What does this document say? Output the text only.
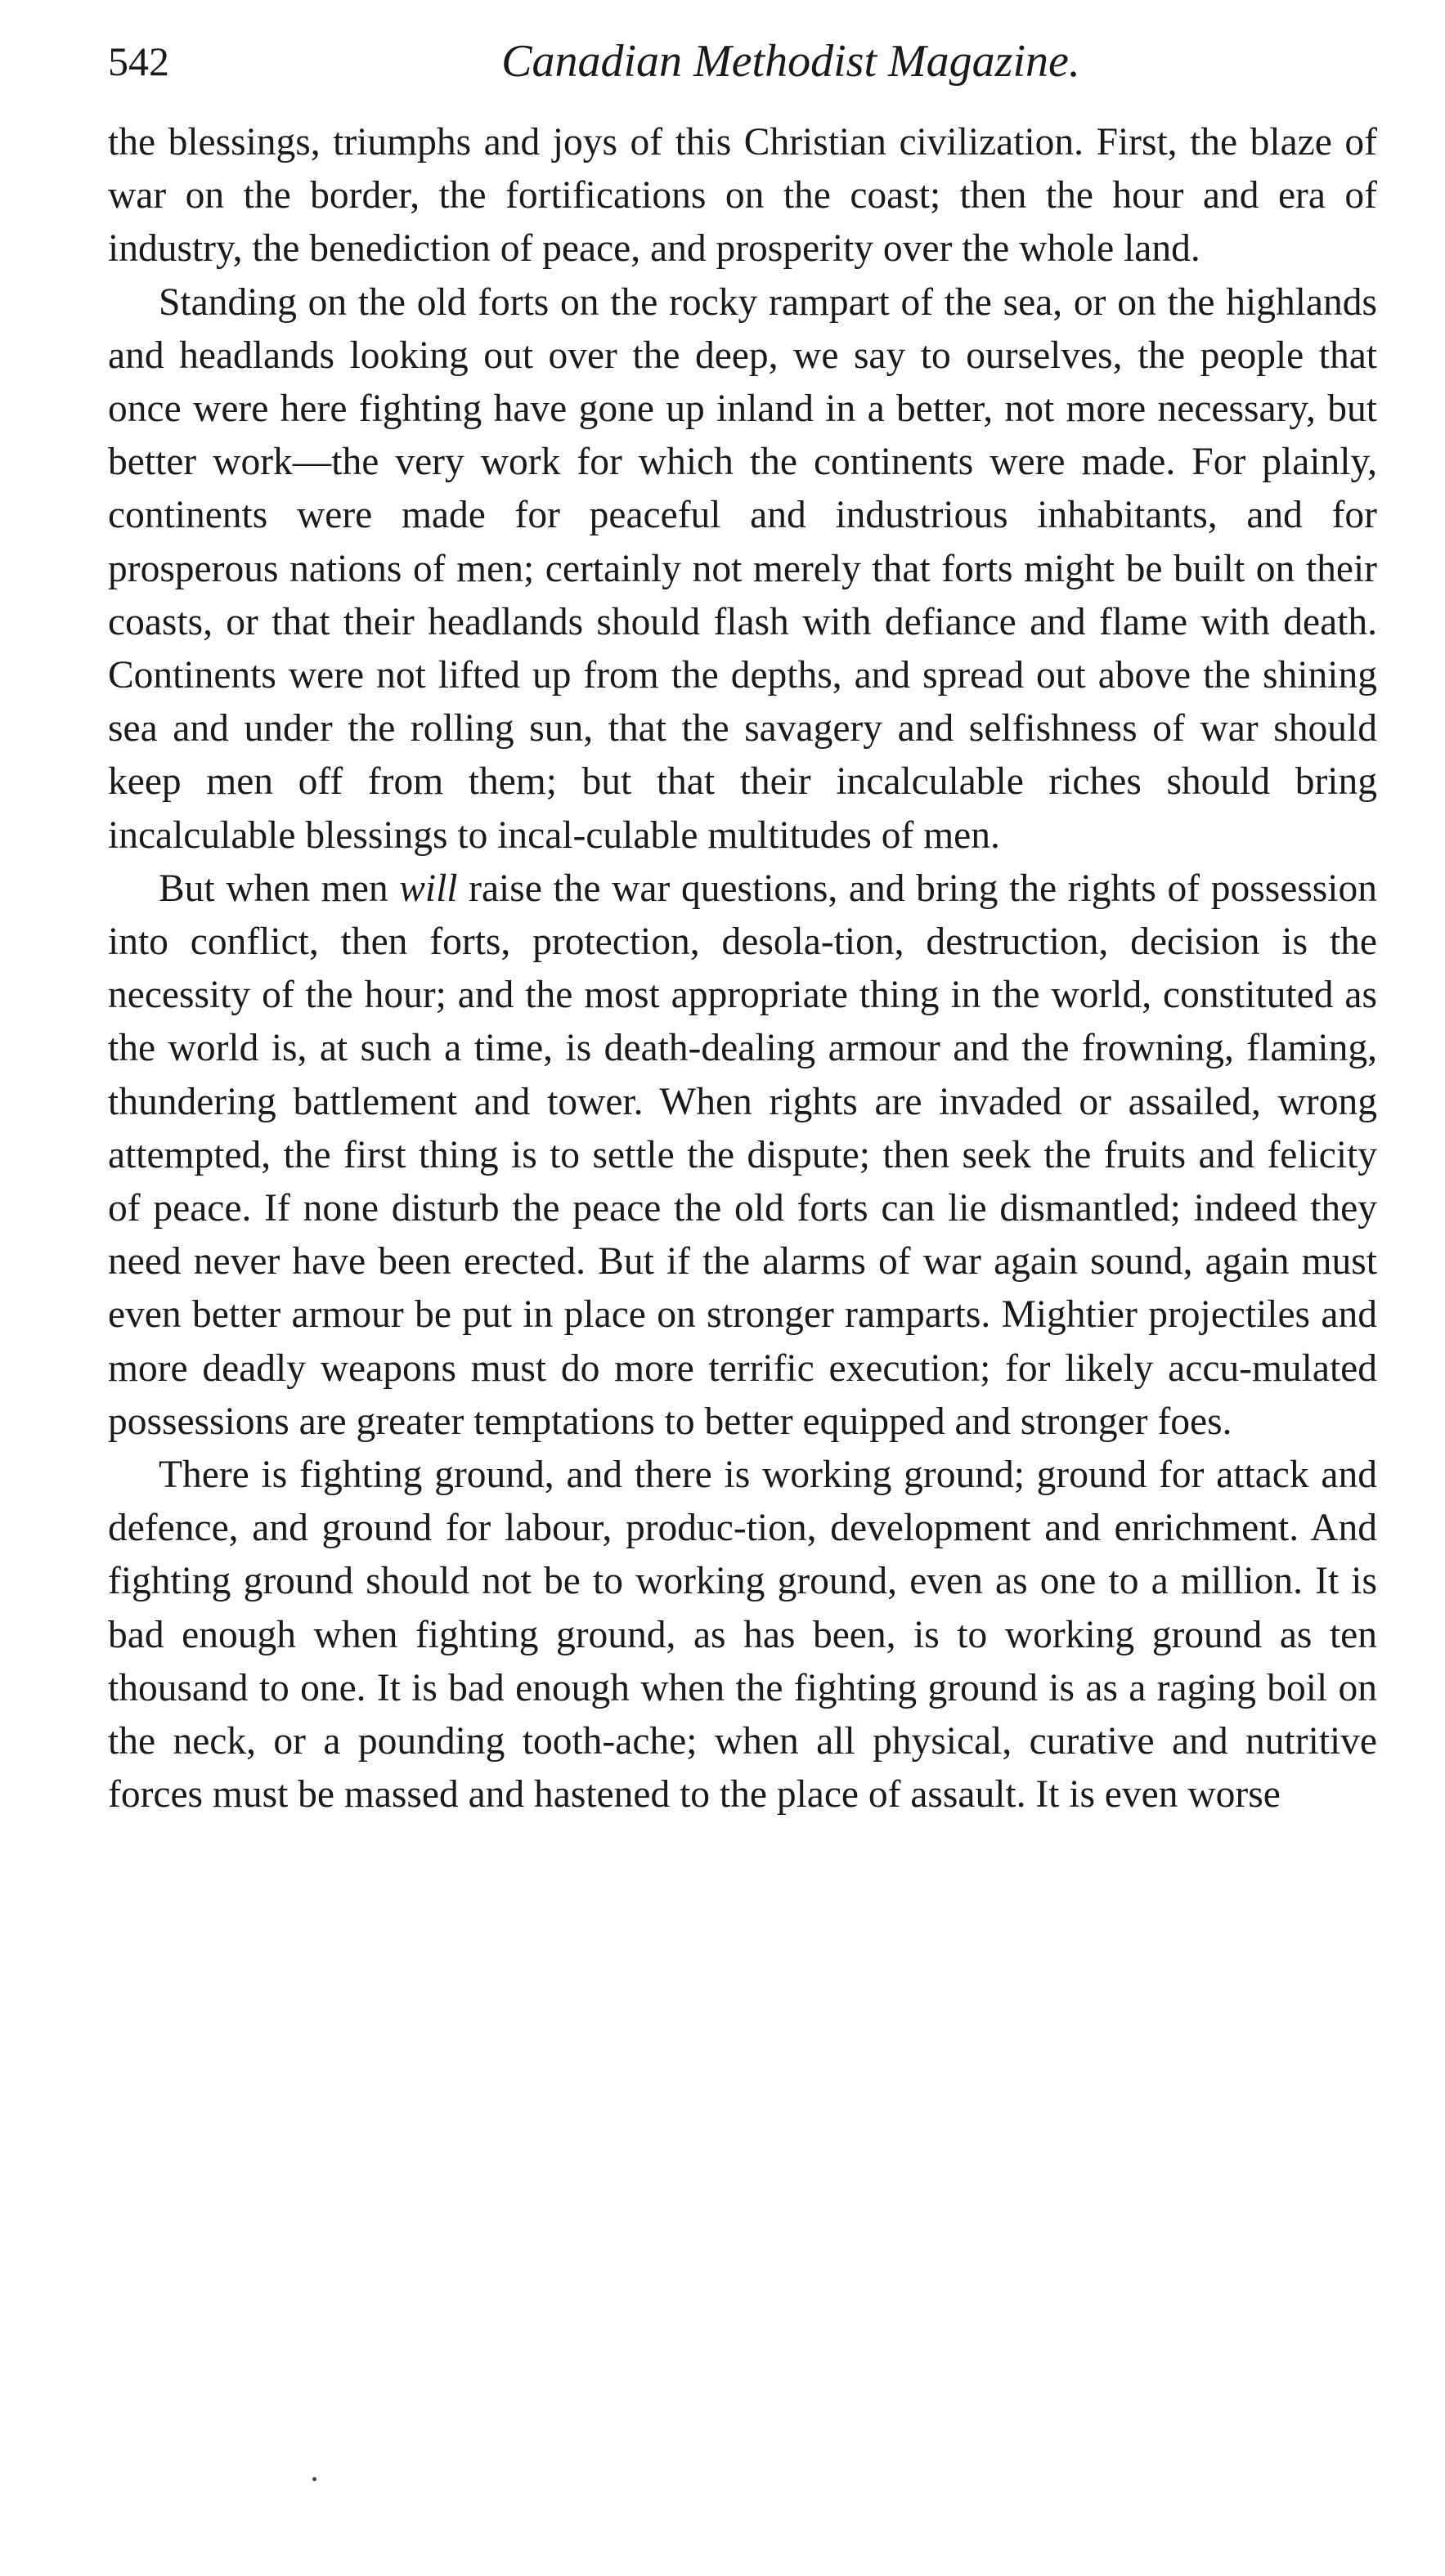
542	Canadian Methodist Magazine.

the blessings, triumphs and joys of this Christian civilization. First, the blaze of war on the border, the fortifications on the coast; then the hour and era of industry, the benediction of peace, and prosperity over the whole land.

Standing on the old forts on the rocky rampart of the sea, or on the highlands and headlands looking out over the deep, we say to ourselves, the people that once were here fighting have gone up inland in a better, not more necessary, but better work—the very work for which the continents were made. For plainly, continents were made for peaceful and industrious inhabitants, and for prosperous nations of men; certainly not merely that forts might be built on their coasts, or that their headlands should flash with defiance and flame with death. Continents were not lifted up from the depths, and spread out above the shining sea and under the rolling sun, that the savagery and selfishness of war should keep men off from them; but that their incalculable riches should bring incalculable blessings to incal-culable multitudes of men.

But when men will raise the war questions, and bring the rights of possession into conflict, then forts, protection, desola-tion, destruction, decision is the necessity of the hour; and the most appropriate thing in the world, constituted as the world is, at such a time, is death-dealing armour and the frowning, flaming, thundering battlement and tower. When rights are invaded or assailed, wrong attempted, the first thing is to settle the dispute; then seek the fruits and felicity of peace. If none disturb the peace the old forts can lie dismantled; indeed they need never have been erected. But if the alarms of war again sound, again must even better armour be put in place on stronger ramparts. Mightier projectiles and more deadly weapons must do more terrific execution; for likely accu-mulated possessions are greater temptations to better equipped and stronger foes.

There is fighting ground, and there is working ground; ground for attack and defence, and ground for labour, produc-tion, development and enrichment. And fighting ground should not be to working ground, even as one to a million. It is bad enough when fighting ground, as has been, is to working ground as ten thousand to one. It is bad enough when the fighting ground is as a raging boil on the neck, or a pounding tooth-ache; when all physical, curative and nutritive forces must be massed and hastened to the place of assault. It is even worse
